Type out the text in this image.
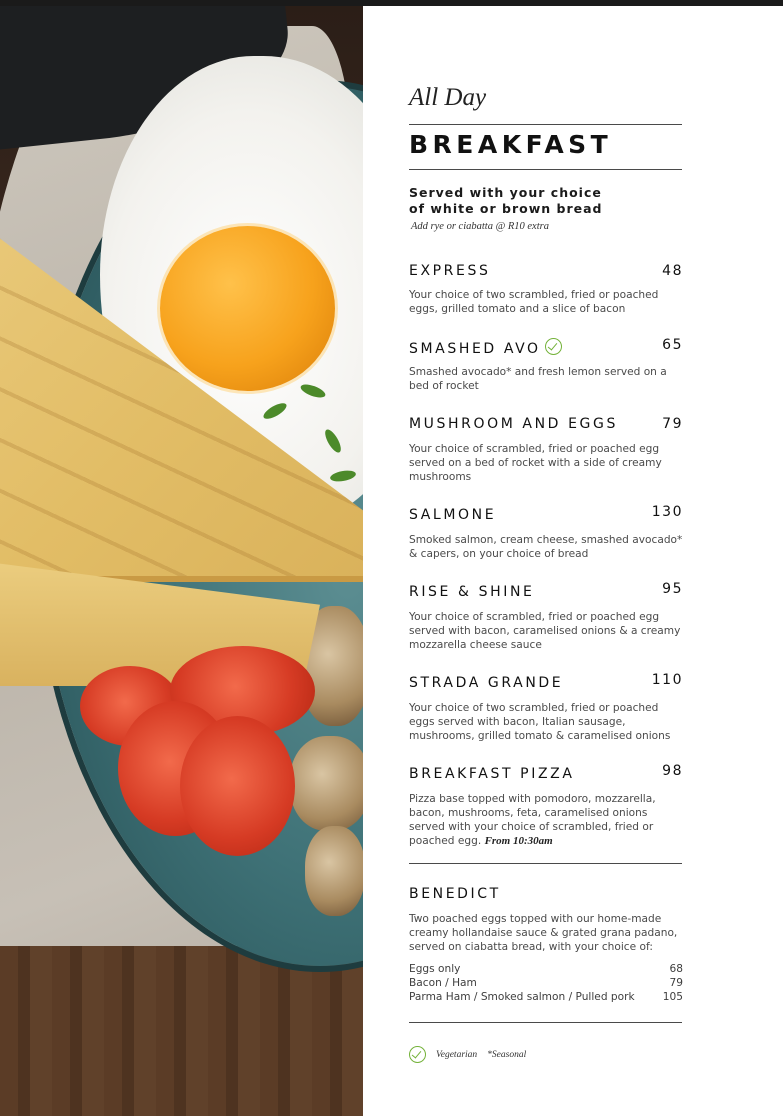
All Day
BREAKFAST
Served with your choice
of white or brown bread
Add rye or ciabatta @ R10 extra
EXPRESS	48
Your choice of two scrambled, fried or poached eggs, grilled tomato and a slice of bacon
SMASHED AVO	65
Smashed avocado* and fresh lemon served on a bed of rocket
MUSHROOM AND EGGS	79
Your choice of scrambled, fried or poached egg served on a bed of rocket with a side of creamy mushrooms
SALMONE	130
Smoked salmon, cream cheese, smashed avocado* & capers, on your choice of bread
RISE & SHINE	95
Your choice of scrambled, fried or poached egg served with bacon, caramelised onions & a creamy mozzarella cheese sauce
STRADA GRANDE	110
Your choice of two scrambled, fried or poached eggs served with bacon, Italian sausage, mushrooms, grilled tomato & caramelised onions
BREAKFAST PIZZA	98
Pizza base topped with pomodoro, mozzarella, bacon, mushrooms, feta, caramelised onions served with your choice of scrambled, fried or poached egg. From 10:30am
BENEDICT
Two poached eggs topped with our home-made creamy hollandaise sauce & grated grana padano, served on ciabatta bread, with your choice of:
Eggs only	68
Bacon / Ham	79
Parma Ham / Smoked salmon / Pulled pork	105
Vegetarian *Seasonal
